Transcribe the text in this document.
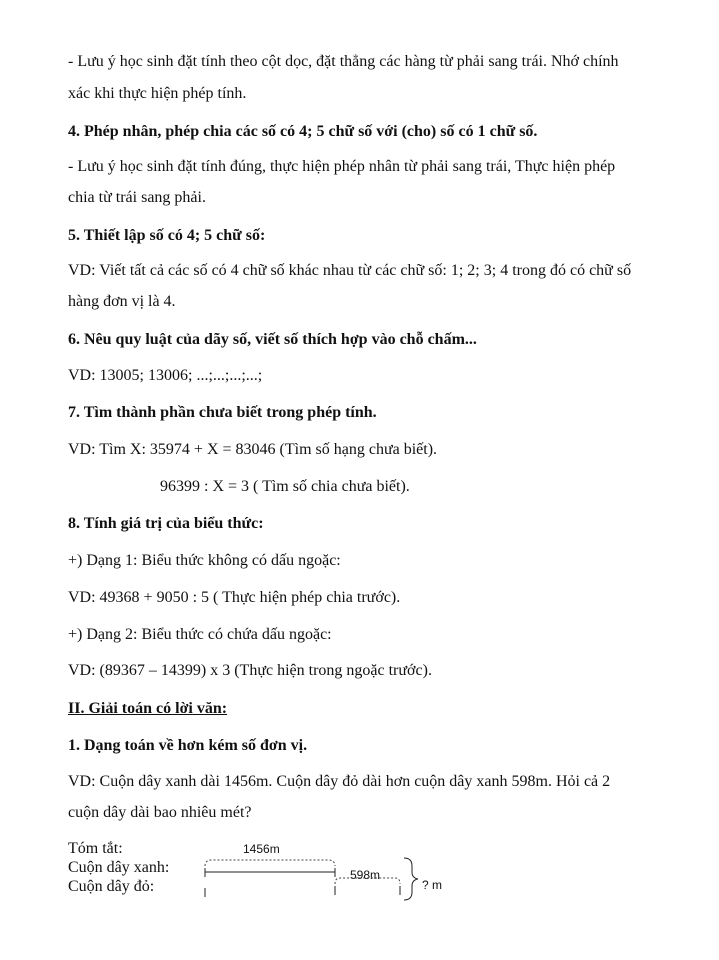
- Lưu ý học sinh đặt tính theo cột dọc, đặt thẳng các hàng từ phải sang trái. Nhớ chính
xác khi thực hiện phép tính.
4. Phép nhân, phép chia các số có 4; 5 chữ số với (cho) số có 1 chữ số.
- Lưu ý học sinh đặt tính đúng, thực hiện phép nhân từ phải sang trái, Thực hiện phép
chia từ trái sang phải.
5. Thiết lập số có 4; 5 chữ số:
VD: Viết tất cả các số có 4 chữ số khác nhau từ các chữ số: 1; 2; 3; 4 trong đó có chữ số
hàng đơn vị là 4.
6. Nêu quy luật của dãy số, viết số thích hợp vào chỗ chấm...
VD: 13005; 13006; ...;...;...;...;
7. Tìm thành phần chưa biết trong phép tính.
VD: Tìm X: 35974 + X = 83046 (Tìm số hạng chưa biết).
96399 : X = 3 ( Tìm số chia chưa biết).
8. Tính giá trị của biểu thức:
+) Dạng 1: Biểu thức không có dấu ngoặc:
VD: 49368 + 9050 : 5 ( Thực hiện phép chia trước).
+) Dạng 2: Biểu thức có chứa dấu ngoặc:
VD: (89367 – 14399) x 3 (Thực hiện trong ngoặc trước).
II. Giải toán có lời văn:
1. Dạng toán về hơn kém số đơn vị.
VD: Cuộn dây xanh dài 1456m. Cuộn dây đỏ dài hơn cuộn dây xanh 598m. Hỏi cả 2
cuộn dây dài bao nhiêu mét?
Tóm tắt:
Cuộn dây xanh:
Cuộn dây đỏ:
1456m
598m
? m
